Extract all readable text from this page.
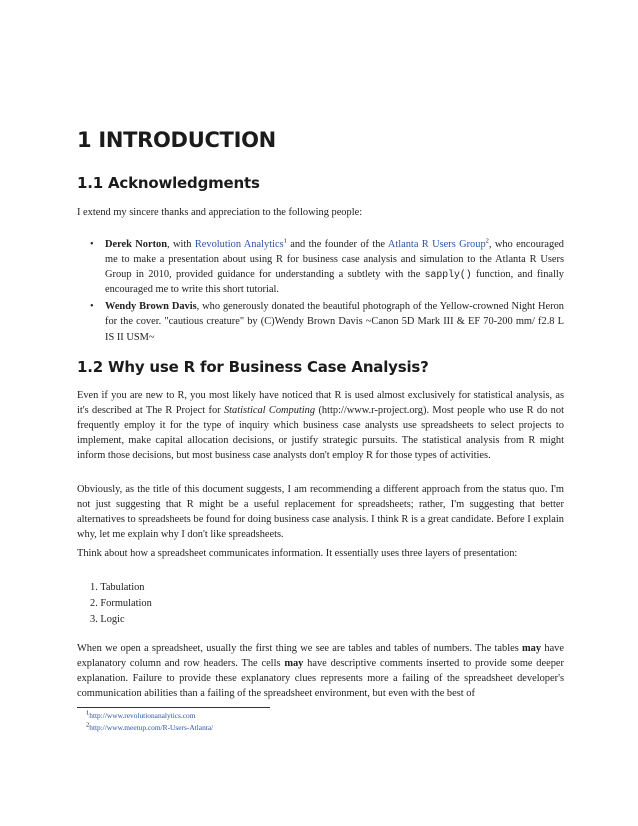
1 INTRODUCTION
1.1 Acknowledgments

I extend my sincere thanks and appreciation to the following people:

• Derek Norton, with Revolution Analytics$^1$ and the founder of the Atlanta R Users Group$^2$, who encouraged me to make a presentation about using R for business case analysis and simulation to the Atlanta R Users Group in 2010, provided guidance for understanding a subtlety with the sapply() function, and finally encouraged me to write this short tutorial.
• Wendy Brown Davis, who generously donated the beautiful photograph of the Yellow-crowned Night Heron for the cover. "cautious creature" by (C)Wendy Brown Davis ~Canon 5D Mark III & EF 70-200 mm/ f2.8 L IS II USM~
1.2 Why use R for Business Case Analysis?

Even if you are new to R, you most likely have noticed that R is used almost exclusively for statistical analysis, as it's described at The R Project for Statistical Computing (http://www.r-project.org). Most people who use R do not frequently employ it for the type of inquiry which business case analysts use spreadsheets to select projects to implement, make capital allocation decisions, or justify strategic pursuits. The statistical analysis from R might inform those decisions, but most business case analysts don't employ R for those types of activities.

Obviously, as the title of this document suggests, I am recommending a different approach from the status quo. I'm not just suggesting that R might be a useful replacement for spreadsheets; rather, I'm suggesting that better alternatives to spreadsheets be found for doing business case analysis. I think R is a great candidate. Before I explain why, let me explain why I don't like spreadsheets.

Think about how a spreadsheet communicates information. It essentially uses three layers of presentation:

1. Tabulation
2. Formulation
3. Logic

When we open a spreadsheet, usually the first thing we see are tables and tables of numbers. The tables may have explanatory column and row headers. The cells may have descriptive comments inserted to provide some deeper explanation. Failure to provide these explanatory clues represents more a failing of the spreadsheet developer's communication abilities than a failing of the spreadsheet environment, but even with the best of

$^1$http://www.revolutionanalytics.com
$^2$http://www.meetup.com/R-Users-Atlanta/
